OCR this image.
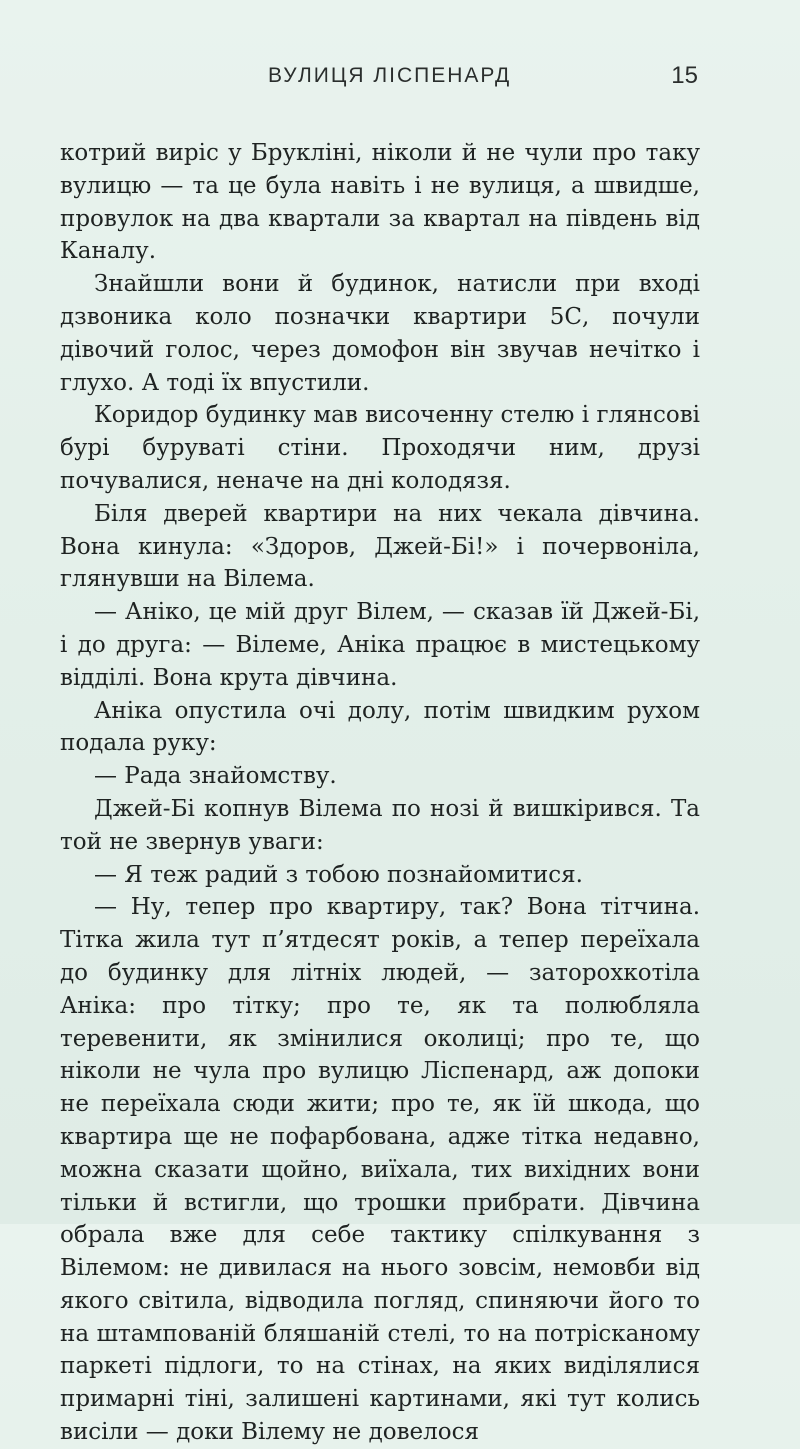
ВУЛИЦЯ ЛІСПЕНАРД	15

котрий виріс у Брукліні, ніколи й не чули про таку вулицю — та це була навіть і не вулиця, а швидше, провулок на два квартали за квартал на південь від Каналу.

Знайшли вони й будинок, натисли при вході дзвоника коло позначки квартири 5С, почули дівочий голос, через домофон він звучав нечітко і глухо. А тоді їх впустили.

Коридор будинку мав височенну стелю і глянсові бурі буруваті стіни. Проходячи ним, друзі почувалися, неначе на дні колодязя.

Біля дверей квартири на них чекала дівчина. Вона кинула: «Здоров, Джей-Бі!» і почервоніла, глянувши на Вілема.

— Аніко, це мій друг Вілем, — сказав їй Джей-Бі, і до друга: — Вілеме, Аніка працює в мистецькому відділі. Вона крута дівчина.

Аніка опустила очі долу, потім швидким рухом подала руку:

— Рада знайомству.

Джей-Бі копнув Вілема по нозі й вишкірився. Та той не звернув уваги:

— Я теж радий з тобою познайомитися.

— Ну, тепер про квартиру, так? Вона тітчина. Тітка жила тут п’ятдесят років, а тепер переїхала до будинку для літніх людей, — заторохкотіла Аніка: про тітку; про те, як та полюбляла теревенити, як змінилися околиці; про те, що ніколи не чула про вулицю Ліспенард, аж допоки не переїхала сюди жити; про те, як їй шкода, що квартира ще не пофарбована, адже тітка недавно, можна сказати щойно, виїхала, тих вихідних вони тільки й встигли, що трошки прибрати. Дівчина обрала вже для себе тактику спілкування з Вілемом: не дивилася на нього зовсім, немовби від якого світила, відводила погляд, спиняючи його то на штампованій бляшаній стелі, то на потрісканому паркеті підлоги, то на стінах, на яких виділялися примарні тіні, залишені картинами, які тут колись висіли — доки Вілему не довелося
